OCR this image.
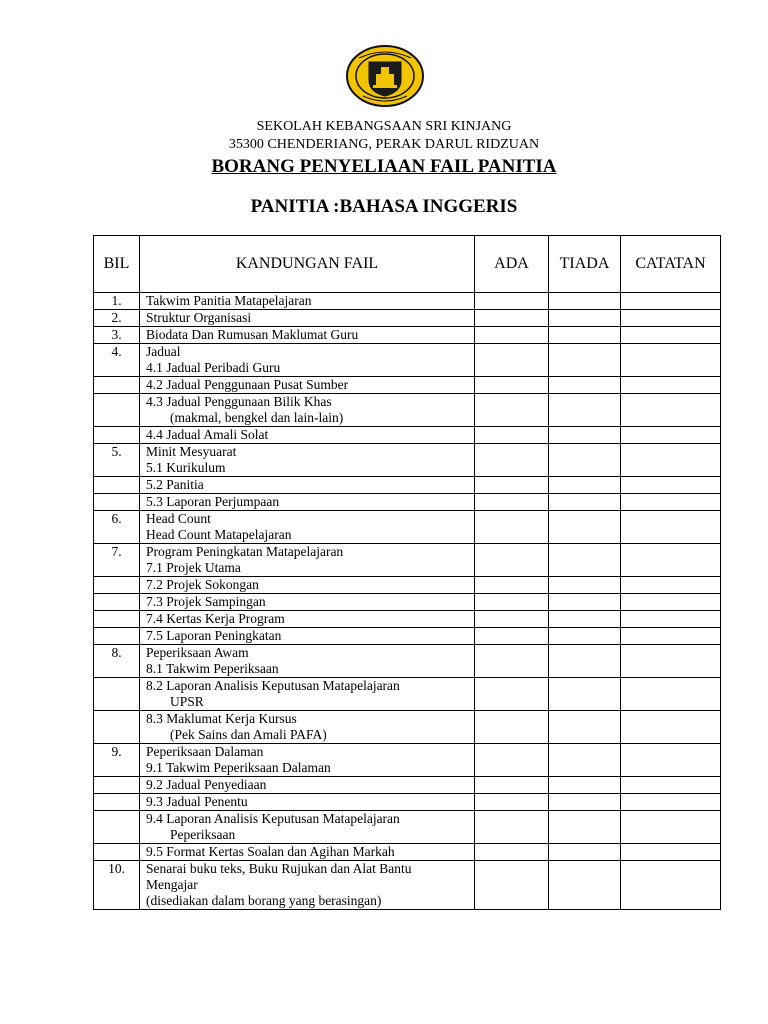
SEKOLAH KEBANGSAAN SRI KINJANG
35300 CHENDERIANG, PERAK DARUL RIDZUAN
BORANG PENYELIAAN FAIL PANITIA
PANITIA :BAHASA INGGERIS
BIL	KANDUNGAN FAIL	ADA	TIADA	CATATAN
1.	Takwim Panitia Matapelajaran			

2.	Struktur Organisasi			

3.	Biodata Dan Rumusan Maklumat Guru			

4.	Jadual
4.1 Jadual Peribadi Guru			

	4.2 Jadual Penggunaan Pusat Sumber			

	4.3 Jadual Penggunaan Bilik Khas
(makmal, bengkel dan lain-lain)			

	4.4 Jadual Amali Solat			

5.	Minit Mesyuarat
5.1 Kurikulum			

	5.2 Panitia			

	5.3 Laporan Perjumpaan			

6.	Head Count
Head Count Matapelajaran			

7.	Program Peningkatan Matapelajaran
7.1 Projek Utama			

	7.2 Projek Sokongan			

	7.3 Projek Sampingan			

	7.4 Kertas Kerja Program			

	7.5 Laporan Peningkatan			

8.	Peperiksaan Awam
8.1 Takwim Peperiksaan			

	8.2 Laporan Analisis Keputusan Matapelajaran
UPSR			

	8.3 Maklumat Kerja Kursus
(Pek Sains dan Amali PAFA)			

9.	Peperiksaan Dalaman
9.1 Takwim Peperiksaan Dalaman			

	9.2 Jadual Penyediaan			

	9.3 Jadual Penentu			

	9.4 Laporan Analisis Keputusan Matapelajaran
Peperiksaan			

	9.5 Format Kertas Soalan dan Agihan Markah			

10.	Senarai buku teks, Buku Rujukan dan Alat Bantu
Mengajar
(disediakan dalam borang yang berasingan)			
